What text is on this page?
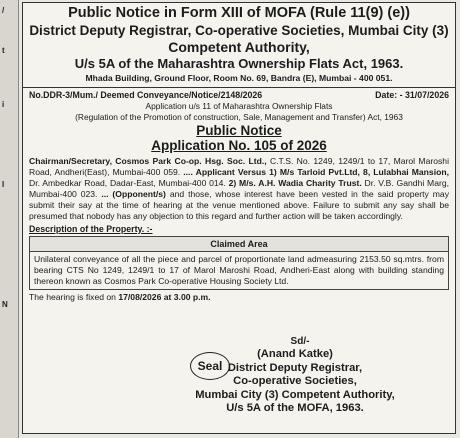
/
t
i
I
N
Public Notice in Form XIII of MOFA (Rule 11(9) (e))
District Deputy Registrar, Co-operative Societies, Mumbai City (3)
Competent Authority,
U/s 5A of the Maharashtra Ownership Flats Act, 1963.
Mhada Building, Ground Floor, Room No. 69, Bandra (E), Mumbai - 400 051.
No.DDR-3/Mum./ Deemed Conveyance/Notice/2148/2026	Date: - 31/07/2026
Application u/s 11 of Maharashtra Ownership Flats
(Regulation of the Promotion of construction, Sale, Management and Transfer) Act, 1963
Public Notice
Application No. 105 of 2026
Chairman/Secretary, Cosmos Park Co-op. Hsg. Soc. Ltd., C.T.S. No. 1249, 1249/1 to 17, Marol Maroshi Road, Andheri(East), Mumbai-400 059. .... Applicant Versus 1) M/s Tarloid Pvt.Ltd, 8, Lulabhai Mansion, Dr. Ambedkar Road, Dadar-East, Mumbai-400 014. 2) M/s. A.H. Wadia Charity Trust. Dr. V.B. Gandhi Marg, Mumbai-400 023. ... (Opponent/s) and those, whose interest have been vested in the said property may submit their say at the time of hearing at the venue mentioned above. Failure to submit any say shall be presumed that nobody has any objection to this regard and further action will be taken accordingly.
Description of the Property. :-
Claimed Area
Unilateral conveyance of all the piece and parcel of proportionate land admeasuring 2153.50 sq.mtrs. from bearing CTS No 1249, 1249/1 to 17 of Marol Maroshi Road, Andheri-East along with building standing thereon known as Cosmos Park Co-operative Housing Society Ltd.
The hearing is fixed on 17/08/2026 at 3.00 p.m.
Seal
Sd/-
(Anand Katke)
District Deputy Registrar,
Co-operative Societies,
Mumbai City (3) Competent Authority,
U/s 5A of the MOFA, 1963.
